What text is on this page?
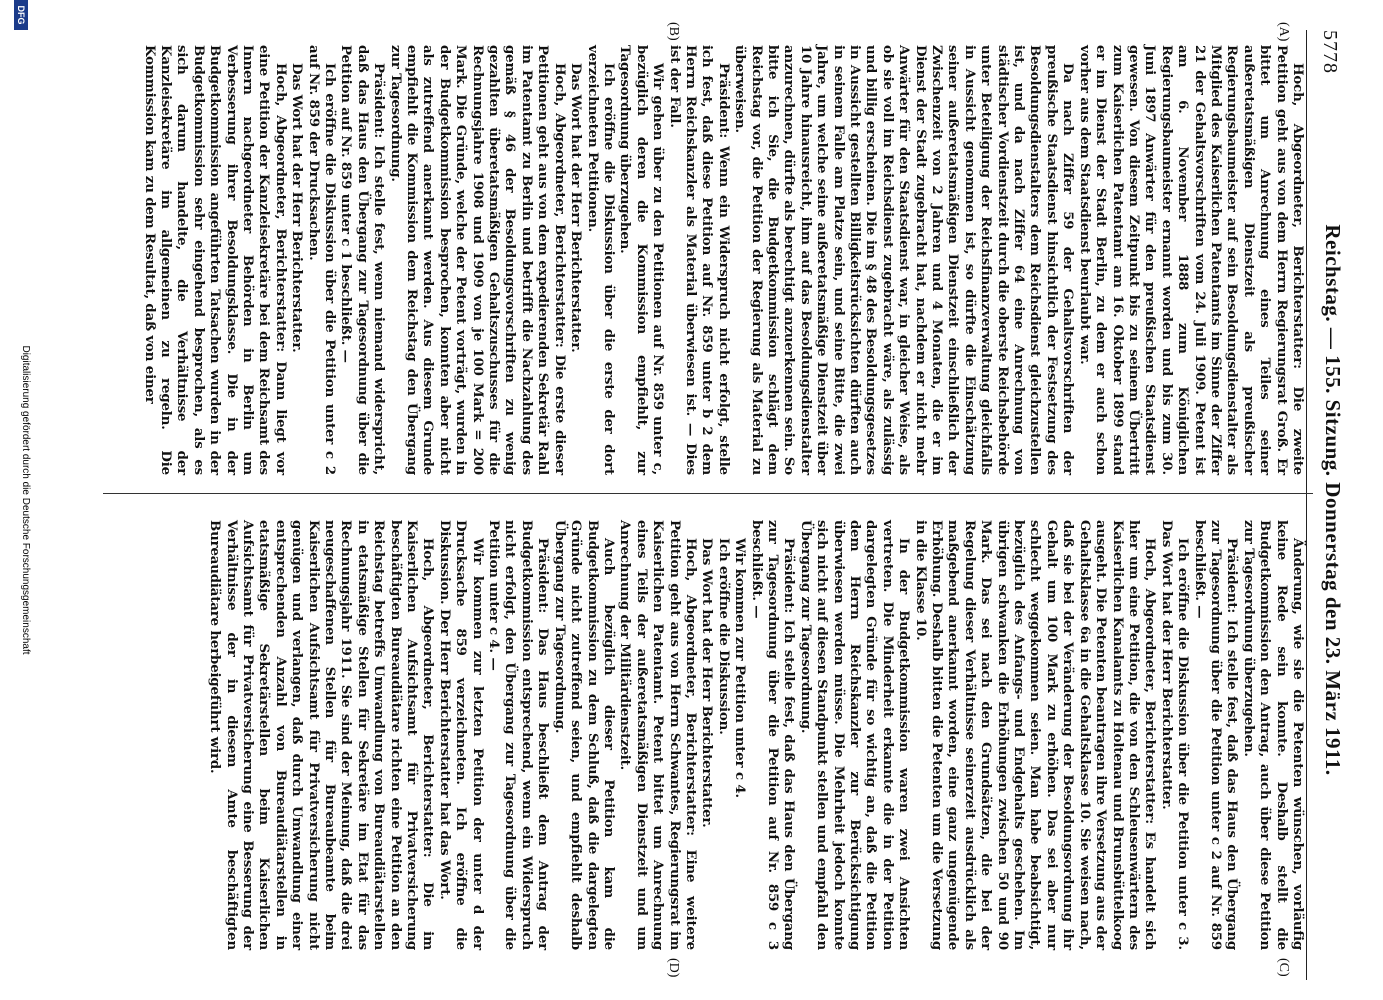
5778
Reichstag. — 155. Sitzung. Donnerstag den 23. März 1911.
(A)
(B)
(C)
(D)

Hoch, Abgeordneter, Berichterstatter: Die zweite Petition geht aus von dem Herrn Regierungsrat Groß. Er bittet um Anrechnung eines Teiles seiner außeretatsmäßigen Dienstzeit als preußischer Regierungsbaumeister auf sein Besoldungsdienstalter als Mitglied des Kaiserlichen Patentamts im Sinne der Ziffer 21 der Gehaltsvorschriften vom 24. Juli 1909. Petent ist am 6. November 1888 zum Königlichen Regierungsbaumeister ernannt worden und bis zum 30. Juni 1897 Anwärter für den preußischen Staatsdienst gewesen. Von diesem Zeitpunkt bis zu seinem Übertritt zum Kaiserlichen Patentamt am 16. Oktober 1899 stand er im Dienst der Stadt Berlin, zu dem er auch schon vorher aus dem Staatsdienst beurlaubt war.

Da nach Ziffer 59 der Gehaltsvorschriften der preußische Staatsdienst hinsichtlich der Festsetzung des Besoldungsdienstalters dem Reichsdienst gleichzustellen ist, und da nach Ziffer 64 eine Anrechnung von städtischer Vordienstzeit durch die oberste Reichsbehörde unter Beteiligung der Reichsfinanzverwaltung gleichfalls in Aussicht genommen ist, so dürfte die Einschätzung seiner außeretatsmäßigen Dienstzeit einschließlich der Zwischenzeit von 2 Jahren und 4 Monaten, die er im Dienst der Stadt zugebracht hat, nachdem er nicht mehr Anwärter für den Staatsdienst war, in gleicher Weise, als ob sie voll im Reichsdienst zugebracht wäre, als zulässig und billig erscheinen. Die im § 48 des Besoldungsgesetzes in Aussicht gestellten Billigkeitsrücksichten dürften auch in seinem Falle am Platze sein, und seine Bitte, die zwei Jahre, um welche seine außeretatsmäßige Dienstzeit über 10 Jahre hinausreicht, ihm auf das Besoldungsdienstalter anzurechnen, dürfte als berechtigt anzuerkennen sein. So bitte ich Sie, die Budgetkommission schlägt dem Reichstag vor, die Petition der Regierung als Material zu überweisen.

Präsident: Wenn ein Widerspruch nicht erfolgt, stelle ich fest, daß diese Petition auf Nr. 859 unter b 2 dem Herrn Reichskanzler als Material überwiesen ist. — Dies ist der Fall.

Wir gehen über zu den Petitionen auf Nr. 859 unter c, bezüglich deren die Kommission empfiehlt, zur Tagesordnung überzugehen.

Ich eröffne die Diskussion über die erste der dort verzeichneten Petitionen.

Das Wort hat der Herr Berichterstatter.

Hoch, Abgeordneter, Berichterstatter: Die erste dieser Petitionen geht aus von dem expedierenden Sekretär Rahl im Patentamt zu Berlin und betrifft die Nachzahlung des gemäß § 46 der Besoldungsvorschriften zu wenig gezahlten überetatsmäßigen Gehaltszuschusses für die Rechnungsjahre 1908 und 1909 von je 100 Mark = 200 Mark. Die Gründe, welche der Petent vorträgt, wurden in der Budgetkommission besprochen, konnten aber nicht als zutreffend anerkannt werden. Aus diesem Grunde empfiehlt die Kommission dem Reichstag den Übergang zur Tagesordnung.

Präsident: Ich stelle fest, wenn niemand widerspricht, daß das Haus den Übergang zur Tagesordnung über die Petition auf Nr. 859 unter c 1 beschließt. —

Ich eröffne die Diskussion über die Petition unter c 2 auf Nr. 859 der Drucksachen.

Das Wort hat der Herr Berichterstatter.

Hoch, Abgeordneter, Berichterstatter: Dann liegt vor eine Petition der Kanzleisekretäre bei dem Reichsamt des Innern nachgeordneter Behörden in Berlin um Verbesserung ihrer Besoldungsklasse. Die in der Budgetkommission angeführten Tatsachen wurden in der Budgetkommission sehr eingehend besprochen, als es sich darum handelte, die Verhältnisse der Kanzleisekretäre im allgemeinen zu regeln. Die Kommission kam zu dem Resultat, daß von einer

Änderung, wie sie die Petenten wünschen, vorläufig keine Rede sein konnte. Deshalb stellt die Budgetkommission den Antrag, auch über diese Petition zur Tagesordnung überzugehen.

Präsident: Ich stelle fest, daß das Haus den Übergang zur Tagesordnung über die Petition unter c 2 auf Nr. 859 beschließt. —

Ich eröffne die Diskussion über die Petition unter c 3. Das Wort hat der Herr Berichterstatter.

Hoch, Abgeordneter, Berichterstatter: Es handelt sich hier um eine Petition, die von den Schleusenwärtern des Kaiserlichen Kanalamts zu Holtenau und Brunsbüttelkoog ausgeht. Die Petenten beantragen ihre Versetzung aus der Gehaltsklasse 6a in die Gehaltsklasse 10. Sie weisen nach, daß sie bei der Veränderung der Besoldungsordnung ihr Gehalt um 100 Mark zu erhöhen. Das sei aber nur schlecht weggekommen seien. Man habe beabsichtigt, bezüglich des Anfangs- und Endgehalts geschehen. Im übrigen schwanken die Erhöhungen zwischen 50 und 90 Mark. Das sei nach den Grundsätzen, die bei der Regelung dieser Verhältnisse seinerzeit ausdrücklich als maßgebend anerkannt worden, eine ganz ungenügende Erhöhung. Deshalb bitten die Petenten um die Versetzung in die Klasse 10.

In der Budgetkommission waren zwei Ansichten vertreten. Die Minderheit erkannte die in der Petition dargelegten Gründe für so wichtig an, daß die Petition dem Herrn Reichskanzler zur Berücksichtigung überwiesen werden müsse. Die Mehrheit jedoch konnte sich nicht auf diesen Standpunkt stellen und empfahl den Übergang zur Tagesordnung.

Präsident: Ich stelle fest, daß das Haus den Übergang zur Tagesordnung über die Petition auf Nr. 859 c 3 beschließt. —

Wir kommen zur Petition unter c 4.

Ich eröffne die Diskussion.

Das Wort hat der Herr Berichterstatter.

Hoch, Abgeordneter, Berichterstatter: Eine weitere Petition geht aus von Herrn Schwantes, Regierungsrat im Kaiserlichen Patentamt. Petent bittet um Anrechnung eines Teils der außeretatsmäßigen Dienstzeit und um Anrechnung der Militärdienstzeit.

Auch bezüglich dieser Petition kam die Budgetkommission zu dem Schluß, daß die dargelegten Gründe nicht zutreffend seien, und empfiehlt deshalb Übergang zur Tagesordnung.

Präsident: Das Haus beschließt dem Antrag der Budgetkommission entsprechend, wenn ein Widerspruch nicht erfolgt, den Übergang zur Tagesordnung über die Petition unter c 4. —

Wir kommen zur letzten Petition der unter d der Drucksache 859 verzeichneten. Ich eröffne die Diskussion. Der Herr Berichterstatter hat das Wort.

Hoch, Abgeordneter, Berichterstatter: Die im Kaiserlichen Aufsichtsamt für Privatversicherung beschäftigten Bureaudiätare richten eine Petition an den Reichstag betreffs Umwandlung von Bureaudiätarstellen in etatsmäßige Stellen für Sekretäre im Etat für das Rechnungsjahr 1911. Sie sind der Meinung, daß die drei neugeschaffenen Stellen für Bureaubeamte beim Kaiserlichen Aufsichtsamt für Privatversicherung nicht genügen und verlangen, daß durch Umwandlung einer entsprechenden Anzahl von Bureaudiätarstellen in etatsmäßige Sekretärstellen beim Kaiserlichen Aufsichtsamt für Privatversicherung eine Besserung der Verhältnisse der in diesem Amte beschäftigten Bureaudiätare herbeigeführt wird.

DFG
Digitalisierung gefördert durch die Deutsche Forschungsgemeinschaft
